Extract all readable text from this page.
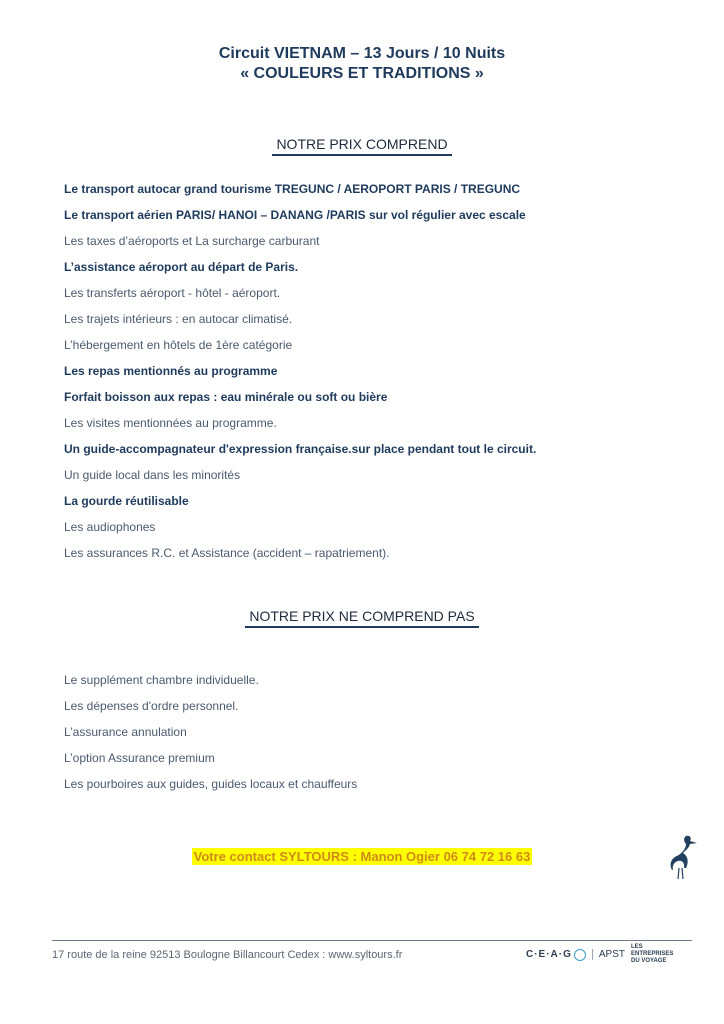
Circuit VIETNAM – 13 Jours / 10 Nuits
« COULEURS ET TRADITIONS »
NOTRE PRIX COMPREND
Le transport autocar grand tourisme TREGUNC / AEROPORT PARIS / TREGUNC
Le transport aérien PARIS/ HANOI – DANANG /PARIS sur vol régulier avec escale
Les taxes d’aéroports et La surcharge carburant
L’assistance aéroport au départ de Paris.
Les transferts aéroport - hôtel - aéroport.
Les trajets intérieurs : en autocar climatisé.
L’hébergement en hôtels de 1ère catégorie
Les repas mentionnés au programme
Forfait boisson aux repas : eau minérale ou soft ou bière
Les visites mentionnées au programme.
Un guide-accompagnateur d'expression française.sur place pendant tout le circuit.
Un guide local dans les minorités
La gourde réutilisable
Les audiophones
Les assurances R.C. et Assistance (accident – rapatriement).
NOTRE PRIX NE COMPREND PAS
Le supplément chambre individuelle.
Les dépenses d'ordre personnel.
L’assurance annulation
L’option Assurance premium
Les pourboires aux guides, guides locaux et chauffeurs
Votre contact SYLTOURS : Manon Ogier 06 74 72 16 63
17 route de la reine 92513 Boulogne Billancourt Cedex : www.syltours.fr	C·E·A·G	APST
LES ENTREPRISES
DU VOYAGE
